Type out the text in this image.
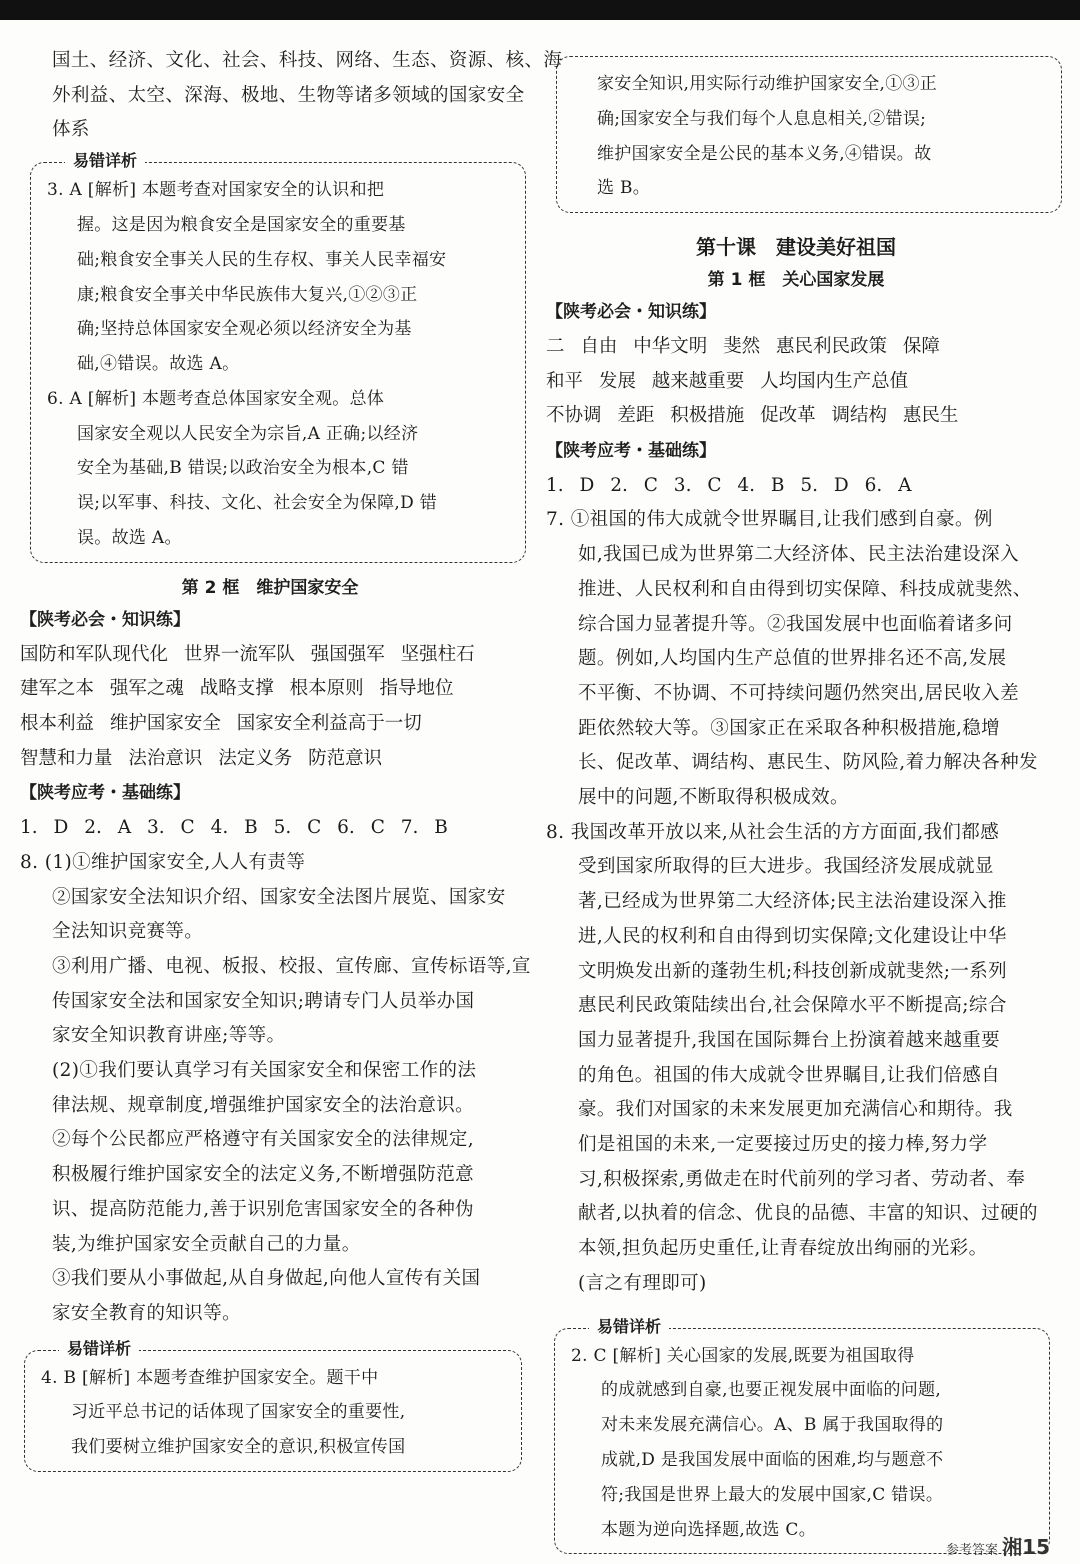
国土、经济、文化、社会、科技、网络、生态、资源、核、海
外利益、太空、深海、极地、生物等诸多领域的国家安全
体系
易错详析
3. A [解析] 本题考查对国家安全的认识和把
握。这是因为粮食安全是国家安全的重要基
础;粮食安全事关人民的生存权、事关人民幸福安
康;粮食安全事关中华民族伟大复兴,①②③正
确;坚持总体国家安全观必须以经济安全为基
础,④错误。故选 A。
6. A [解析] 本题考查总体国家安全观。总体
国家安全观以人民安全为宗旨,A 正确;以经济
安全为基础,B 错误;以政治安全为根本,C 错
误;以军事、科技、文化、社会安全为保障,D 错
误。故选 A。
第 2 框　维护国家安全
【陕考必会・知识练】
国防和军队现代化 世界一流军队 强国强军 坚强柱石
建军之本 强军之魂 战略支撑 根本原则 指导地位
根本利益 维护国家安全 国家安全利益高于一切
智慧和力量 法治意识 法定义务 防范意识
【陕考应考・基础练】
1. D 2. A 3. C 4. B 5. C 6. C 7. B
8. (1)①维护国家安全,人人有责等
②国家安全法知识介绍、国家安全法图片展览、国家安
全法知识竞赛等。
③利用广播、电视、板报、校报、宣传廊、宣传标语等,宣
传国家安全法和国家安全知识;聘请专门人员举办国
家安全知识教育讲座;等等。
(2)①我们要认真学习有关国家安全和保密工作的法
律法规、规章制度,增强维护国家安全的法治意识。
②每个公民都应严格遵守有关国家安全的法律规定,
积极履行维护国家安全的法定义务,不断增强防范意
识、提高防范能力,善于识别危害国家安全的各种伪
装,为维护国家安全贡献自己的力量。
③我们要从小事做起,从自身做起,向他人宣传有关国
家安全教育的知识等。
易错详析
4. B [解析] 本题考查维护国家安全。题干中
习近平总书记的话体现了国家安全的重要性,
我们要树立维护国家安全的意识,积极宣传国
家安全知识,用实际行动维护国家安全,①③正
确;国家安全与我们每个人息息相关,②错误;
维护国家安全是公民的基本义务,④错误。故
选 B。
第十课　建设美好祖国
第 1 框　关心国家发展
【陕考必会・知识练】
二 自由 中华文明 斐然 惠民利民政策 保障
和平 发展 越来越重要 人均国内生产总值
不协调 差距 积极措施 促改革 调结构 惠民生
【陕考应考・基础练】
1. D 2. C 3. C 4. B 5. D 6. A
7. ①祖国的伟大成就令世界瞩目,让我们感到自豪。例
如,我国已成为世界第二大经济体、民主法治建设深入
推进、人民权利和自由得到切实保障、科技成就斐然、
综合国力显著提升等。②我国发展中也面临着诸多问
题。例如,人均国内生产总值的世界排名还不高,发展
不平衡、不协调、不可持续问题仍然突出,居民收入差
距依然较大等。③国家正在采取各种积极措施,稳增
长、促改革、调结构、惠民生、防风险,着力解决各种发
展中的问题,不断取得积极成效。
8. 我国改革开放以来,从社会生活的方方面面,我们都感
受到国家所取得的巨大进步。我国经济发展成就显
著,已经成为世界第二大经济体;民主法治建设深入推
进,人民的权利和自由得到切实保障;文化建设让中华
文明焕发出新的蓬勃生机;科技创新成就斐然;一系列
惠民利民政策陆续出台,社会保障水平不断提高;综合
国力显著提升,我国在国际舞台上扮演着越来越重要
的角色。祖国的伟大成就令世界瞩目,让我们倍感自
豪。我们对国家的未来发展更加充满信心和期待。我
们是祖国的未来,一定要接过历史的接力棒,努力学
习,积极探索,勇做走在时代前列的学习者、劳动者、奉
献者,以执着的信念、优良的品德、丰富的知识、过硬的
本领,担负起历史重任,让青春绽放出绚丽的光彩。
(言之有理即可)
易错详析
2. C [解析] 关心国家的发展,既要为祖国取得
的成就感到自豪,也要正视发展中面临的问题,
对未来发展充满信心。A、B 属于我国取得的
成就,D 是我国发展中面临的困难,均与题意不
符;我国是世界上最大的发展中国家,C 错误。
本题为逆向选择题,故选 C。
参考答案 湘15
